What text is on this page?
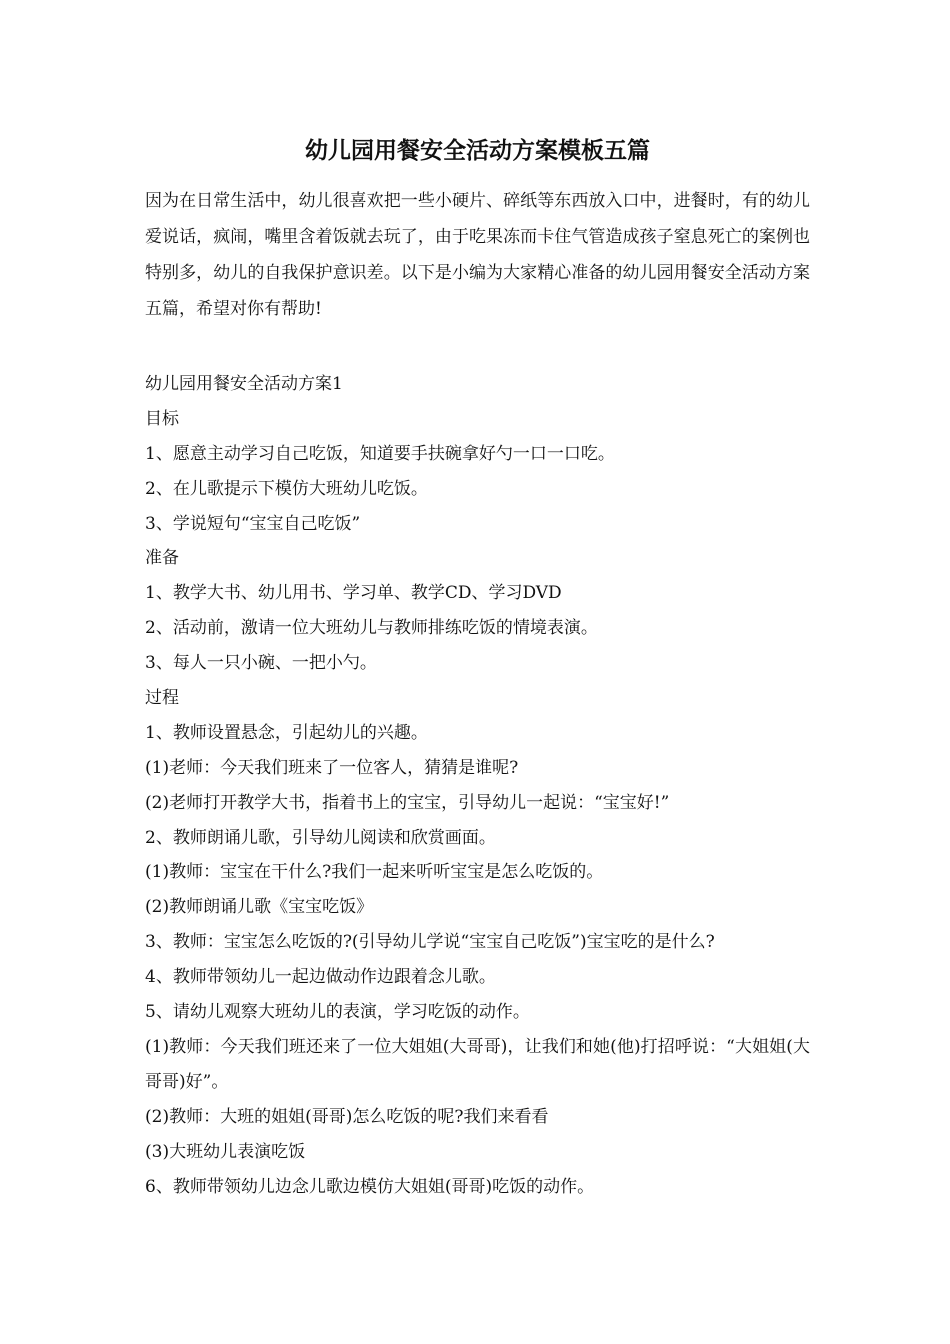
幼儿园用餐安全活动方案模板五篇

因为在日常生活中，幼儿很喜欢把一些小硬片、碎纸等东西放入口中，进餐时，有的幼儿爱说话，疯闹，嘴里含着饭就去玩了，由于吃果冻而卡住气管造成孩子窒息死亡的案例也特别多，幼儿的自我保护意识差。以下是小编为大家精心准备的幼儿园用餐安全活动方案五篇，希望对你有帮助!

幼儿园用餐安全活动方案1
目标
1、愿意主动学习自己吃饭，知道要手扶碗拿好勺一口一口吃。
2、在儿歌提示下模仿大班幼儿吃饭。
3、学说短句“宝宝自己吃饭”
准备
1、教学大书、幼儿用书、学习单、教学CD、学习DVD
2、活动前，激请一位大班幼儿与教师排练吃饭的情境表演。
3、每人一只小碗、一把小勺。
过程
1、教师设置悬念，引起幼儿的兴趣。
(1)老师：今天我们班来了一位客人，猜猜是谁呢?
(2)老师打开教学大书，指着书上的宝宝，引导幼儿一起说：“宝宝好!”
2、教师朗诵儿歌，引导幼儿阅读和欣赏画面。
(1)教师：宝宝在干什么?我们一起来听听宝宝是怎么吃饭的。
(2)教师朗诵儿歌《宝宝吃饭》
3、教师：宝宝怎么吃饭的?(引导幼儿学说“宝宝自己吃饭”)宝宝吃的是什么?
4、教师带领幼儿一起边做动作边跟着念儿歌。
5、请幼儿观察大班幼儿的表演，学习吃饭的动作。
(1)教师：今天我们班还来了一位大姐姐(大哥哥)，让我们和她(他)打招呼说：“大姐姐(大哥哥)好”。
(2)教师：大班的姐姐(哥哥)怎么吃饭的呢?我们来看看
(3)大班幼儿表演吃饭
6、教师带领幼儿边念儿歌边模仿大姐姐(哥哥)吃饭的动作。
